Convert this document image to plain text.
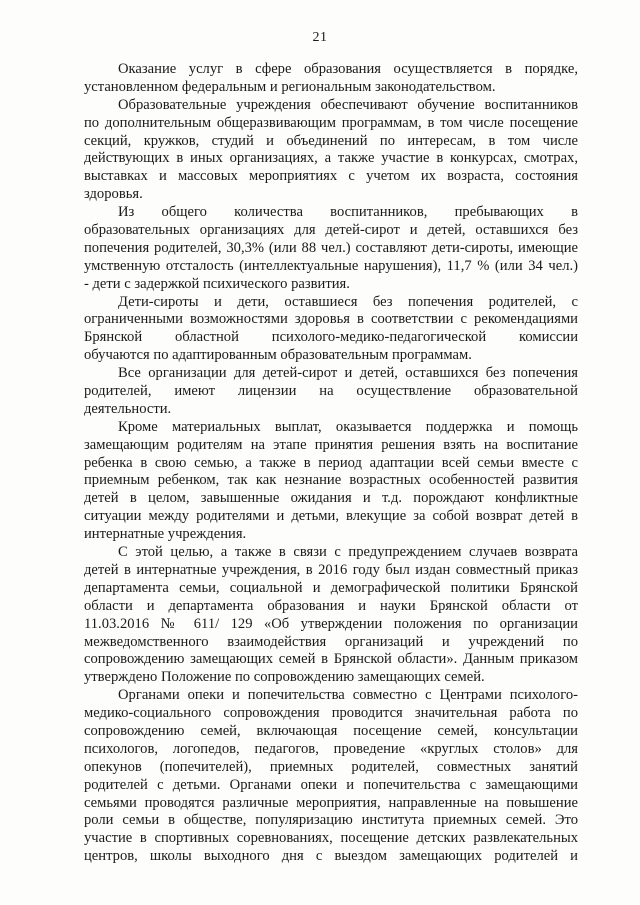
21
Оказание услуг в сфере образования осуществляется в порядке,
установленном федеральным и региональным законодательством.
Образовательные учреждения обеспечивают обучение воспитанников
по дополнительным общеразвивающим программам, в том числе посещение
секций, кружков, студий и объединений по интересам, в том числе
действующих в иных организациях, а также участие в конкурсах, смотрах,
выставках и массовых мероприятиях с учетом их возраста, состояния
здоровья.
Из общего количества воспитанников, пребывающих в
образовательных организациях для детей-сирот и детей, оставшихся без
попечения родителей, 30,3% (или 88 чел.) составляют дети-сироты, имеющие
умственную отсталость (интеллектуальные нарушения), 11,7 % (или 34 чел.)
- дети с задержкой психического развития.
Дети-сироты и дети, оставшиеся без попечения родителей, с
ограниченными возможностями здоровья в соответствии с рекомендациями
Брянской областной психолого-медико-педагогической комиссии
обучаются по адаптированным образовательным программам.
Все организации для детей-сирот и детей, оставшихся без попечения
родителей, имеют лицензии на осуществление образовательной
деятельности.
Кроме материальных выплат, оказывается поддержка и помощь
замещающим родителям на этапе принятия решения взять на воспитание
ребенка в свою семью, а также в период адаптации всей семьи вместе с
приемным ребенком, так как незнание возрастных особенностей развития
детей в целом, завышенные ожидания и т.д. порождают конфликтные
ситуации между родителями и детьми, влекущие за собой возврат детей в
интернатные учреждения.
С этой целью, а также в связи с предупреждением случаев возврата
детей в интернатные учреждения, в 2016 году был издан совместный приказ
департамента семьи, социальной и демографической политики Брянской
области и департамента образования и науки Брянской области от
11.03.2016 № 611/ 129 «Об утверждении положения по организации
межведомственного взаимодействия организаций и учреждений по
сопровождению замещающих семей в Брянской области». Данным приказом
утверждено Положение по сопровождению замещающих семей.
Органами опеки и попечительства совместно с Центрами психолого-
медико-социального сопровождения проводится значительная работа по
сопровождению семей, включающая посещение семей, консультации
психологов, логопедов, педагогов, проведение «круглых столов» для
опекунов (попечителей), приемных родителей, совместных занятий
родителей с детьми. Органами опеки и попечительства с замещающими
семьями проводятся различные мероприятия, направленные на повышение
роли семьи в обществе, популяризацию института приемных семей. Это
участие в спортивных соревнованиях, посещение детских развлекательных
центров, школы выходного дня с выездом замещающих родителей и
